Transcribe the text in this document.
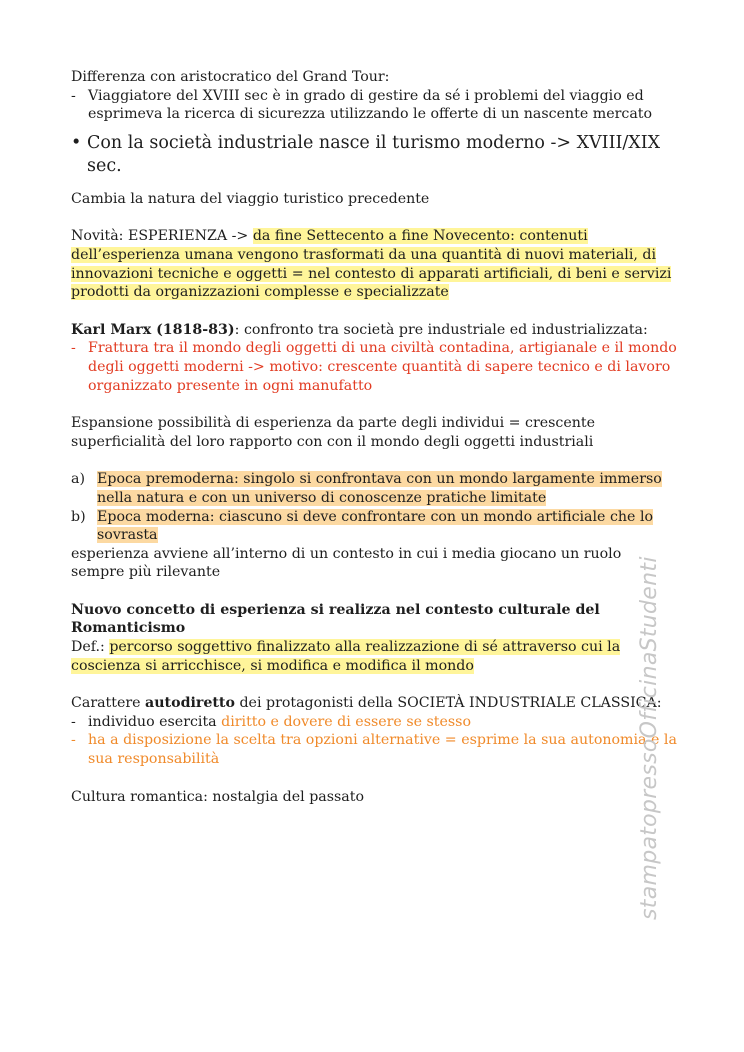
Differenza con aristocratico del Grand Tour:

- Viaggiatore del XVIII sec è in grado di gestire da sé i problemi del viaggio ed esprimeva la ricerca di sicurezza utilizzando le offerte di un nascente mercato
• Con la società industriale nasce il turismo moderno -> XVIII/XIX sec.

Cambia la natura del viaggio turistico precedente

Novità: ESPERIENZA -> da fine Settecento a fine Novecento: contenuti dell’esperienza umana vengono trasformati da una quantità di nuovi materiali, di innovazioni tecniche e oggetti = nel contesto di apparati artificiali, di beni e servizi prodotti da organizzazioni complesse e specializzate

Karl Marx (1818-83): confronto tra società pre industriale ed industrializzata:

- Frattura tra il mondo degli oggetti di una civiltà contadina, artigianale e il mondo degli oggetti moderni -> motivo: crescente quantità di sapere tecnico e di lavoro organizzato presente in ogni manufatto

Espansione possibilità di esperienza da parte degli individui = crescente superficialità del loro rapporto con con il mondo degli oggetti industriali

a) Epoca premoderna: singolo si confrontava con un mondo largamente immerso nella natura e con un universo di conoscenze pratiche limitate
b) Epoca moderna: ciascuno si deve confrontare con un mondo artificiale che lo sovrasta

esperienza avviene all’interno di un contesto in cui i media giocano un ruolo sempre più rilevante

Nuovo concetto di esperienza si realizza nel contesto culturale del Romanticismo

Def.: percorso soggettivo finalizzato alla realizzazione di sé attraverso cui la coscienza si arricchisce, si modifica e modifica il mondo

Carattere autodiretto dei protagonisti della SOCIETÀ INDUSTRIALE CLASSICA:

- individuo esercita diritto e dovere di essere se stesso
- ha a disposizione la scelta tra opzioni alternative = esprime la sua autonomia e la sua responsabilità

Cultura romantica: nostalgia del passato	stampatopressoOfficinaStudenti
